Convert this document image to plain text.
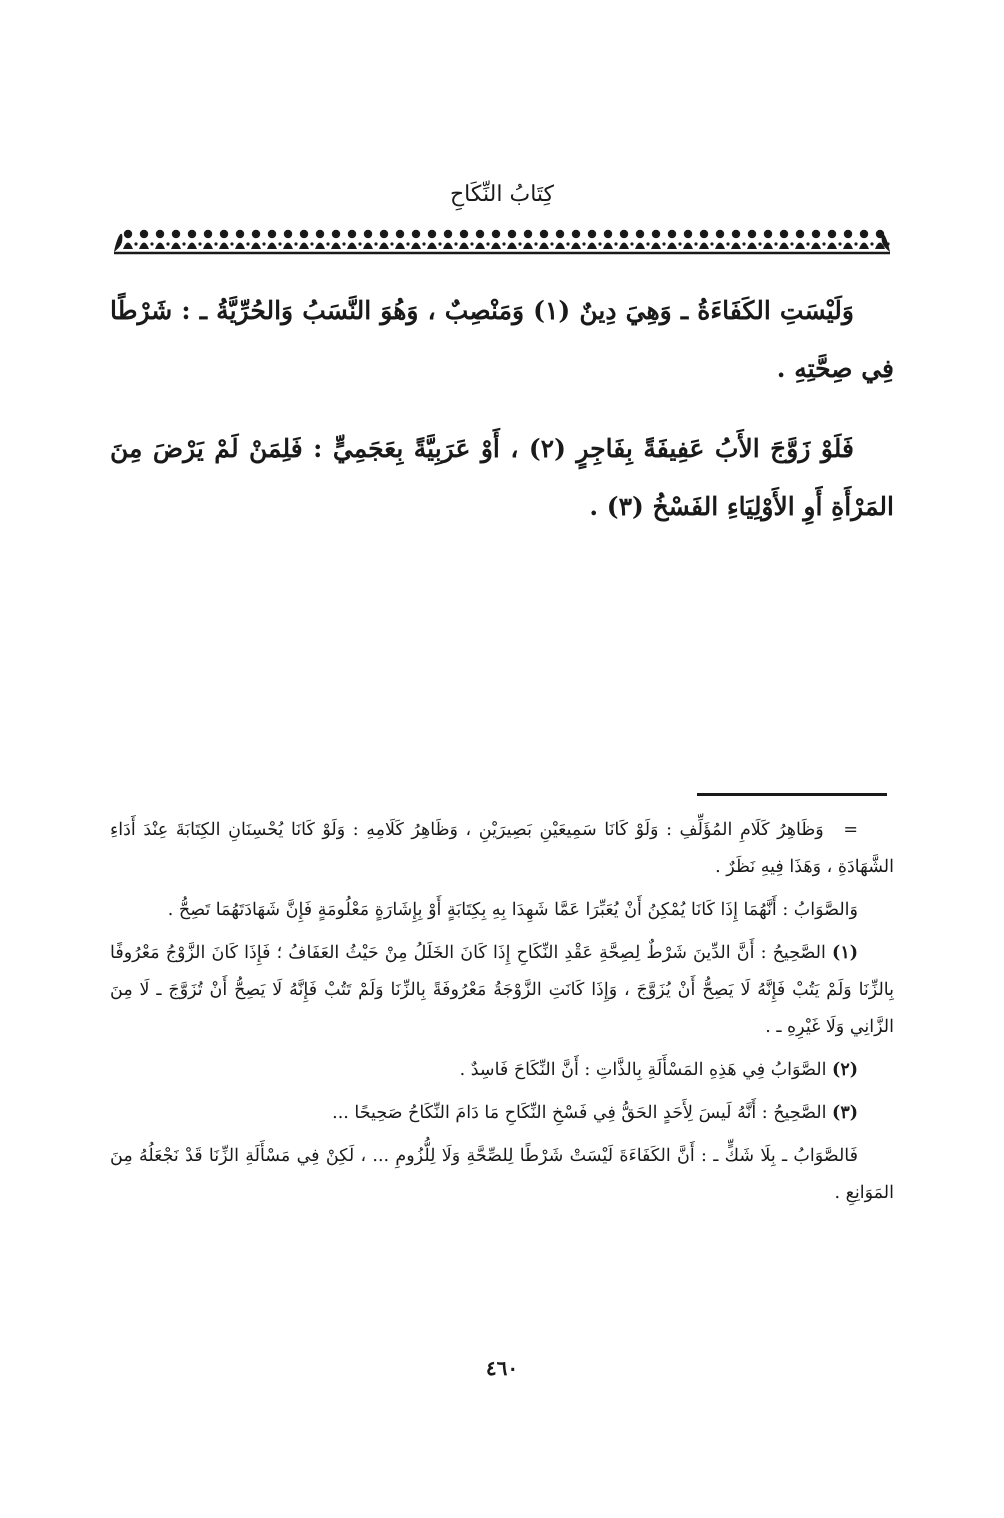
كِتَابُ النِّكَاحِ

وَلَيْسَتِ الكَفَاءَةُ ـ وَهِيَ دِينٌ (١) وَمَنْصِبٌ ، وَهُوَ النَّسَبُ وَالحُرِّيَّةُ ـ : شَرْطًا فِي صِحَّتِهِ .

فَلَوْ زَوَّجَ الأَبُ عَفِيفَةً بِفَاجِرٍ (٢) ، أَوْ عَرَبِيَّةً بِعَجَمِيٍّ : فَلِمَنْ لَمْ يَرْضَ مِنَ المَرْأَةِ أَوِ الأَوْلِيَاءِ الفَسْخُ (٣) .

= وَظَاهِرُ كَلَامِ المُؤَلِّفِ : وَلَوْ كَانَا سَمِيعَيْنِ بَصِيرَيْنِ ، وَظَاهِرُ كَلَامِهِ : وَلَوْ كَانَا يُحْسِنَانِ الكِتَابَةَ عِنْدَ أَدَاءِ الشَّهَادَةِ ، وَهَذَا فِيهِ نَظَرٌ .

وَالصَّوَابُ : أَنَّهُمَا إِذَا كَانَا يُمْكِنُ أَنْ يُعَبِّرَا عَمَّا شَهِدَا بِهِ بِكِتَابَةٍ أَوْ بِإِشَارَةٍ مَعْلُومَةٍ فَإِنَّ شَهَادَتَهُمَا تَصِحُّ .

(١) الصَّحِيحُ : أَنَّ الدِّينَ شَرْطٌ لِصِحَّةِ عَقْدِ النِّكَاحِ إِذَا كَانَ الخَلَلُ مِنْ حَيْثُ العَفَافُ ؛ فَإِذَا كَانَ الزَّوْجُ مَعْرُوفًا بِالزِّنَا وَلَمْ يَتُبْ فَإِنَّهُ لَا يَصِحُّ أَنْ يُزَوَّجَ ، وَإِذَا كَانَتِ الزَّوْجَةُ مَعْرُوفَةً بِالزِّنَا وَلَمْ تَتُبْ فَإِنَّهُ لَا يَصِحُّ أَنْ تُزَوَّجَ ـ لَا مِنَ الزَّانِي وَلَا غَيْرِهِ ـ .

(٢) الصَّوَابُ فِي هَذِهِ المَسْأَلَةِ بِالذَّاتِ : أَنَّ النِّكَاحَ فَاسِدٌ .

(٣) الصَّحِيحُ : أَنَّهُ لَيسَ لِأَحَدٍ الحَقُّ فِي فَسْخِ النِّكَاحِ مَا دَامَ النِّكَاحُ صَحِيحًا ...

فَالصَّوَابُ ـ بِلَا شَكٍّ ـ : أَنَّ الكَفَاءَةَ لَيْسَتْ شَرْطًا لِلصِّحَّةِ وَلَا لِلُّزُومِ ... ، لَكِنْ فِي مَسْأَلَةِ الزِّنَا قَدْ نَجْعَلُهُ مِنَ المَوَانِعِ .

٤٦٠
